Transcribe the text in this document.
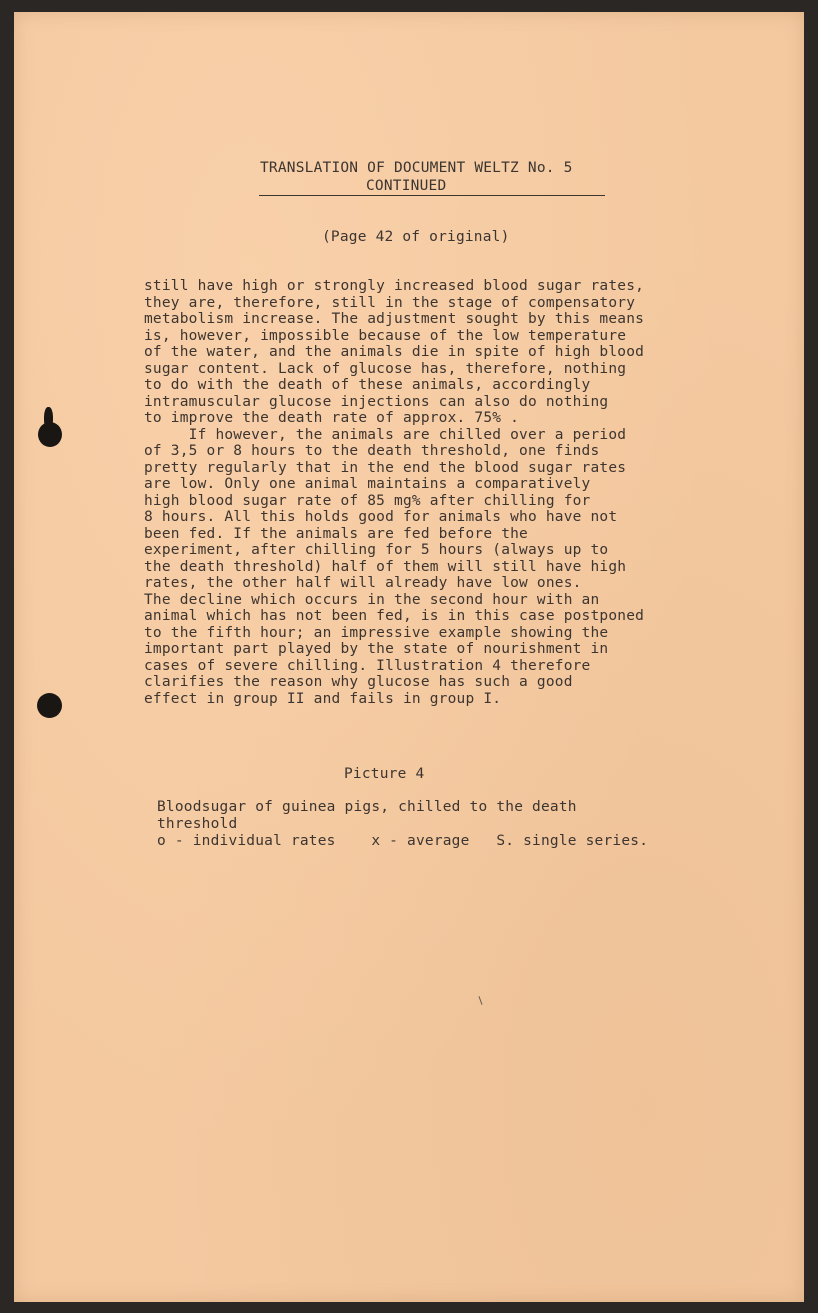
TRANSLATION OF DOCUMENT WELTZ No. 5

CONTINUED

(Page 42 of original)

still have high or strongly increased blood sugar rates,

they are, therefore, still in the stage of compensatory

metabolism increase. The adjustment sought by this means

is, however, impossible because of the low temperature

of the water, and the animals die in spite of high blood

sugar content. Lack of glucose has, therefore, nothing

to do with the death of these animals, accordingly

intramuscular glucose injections can also do nothing

to improve the death rate of approx. 75% .

If however, the animals are chilled over a period

of 3,5 or 8 hours to the death threshold, one finds

pretty regularly that in the end the blood sugar rates

are low. Only one animal maintains a comparatively

high blood sugar rate of 85 mg% after chilling for

8 hours. All this holds good for animals who have not

been fed. If the animals are fed before the

experiment, after chilling for 5 hours (always up to

the death threshold) half of them will still have high

rates, the other half will already have low ones.

The decline which occurs in the second hour with an

animal which has not been fed, is in this case postponed

to the fifth hour; an impressive example showing the

important part played by the state of nourishment in

cases of severe chilling. Illustration 4 therefore

clarifies the reason why glucose has such a good

effect in group II and fails in group I.

Picture 4

Bloodsugar of guinea pigs, chilled to the death

threshold

o - individual rates    x - average   S. single series.
